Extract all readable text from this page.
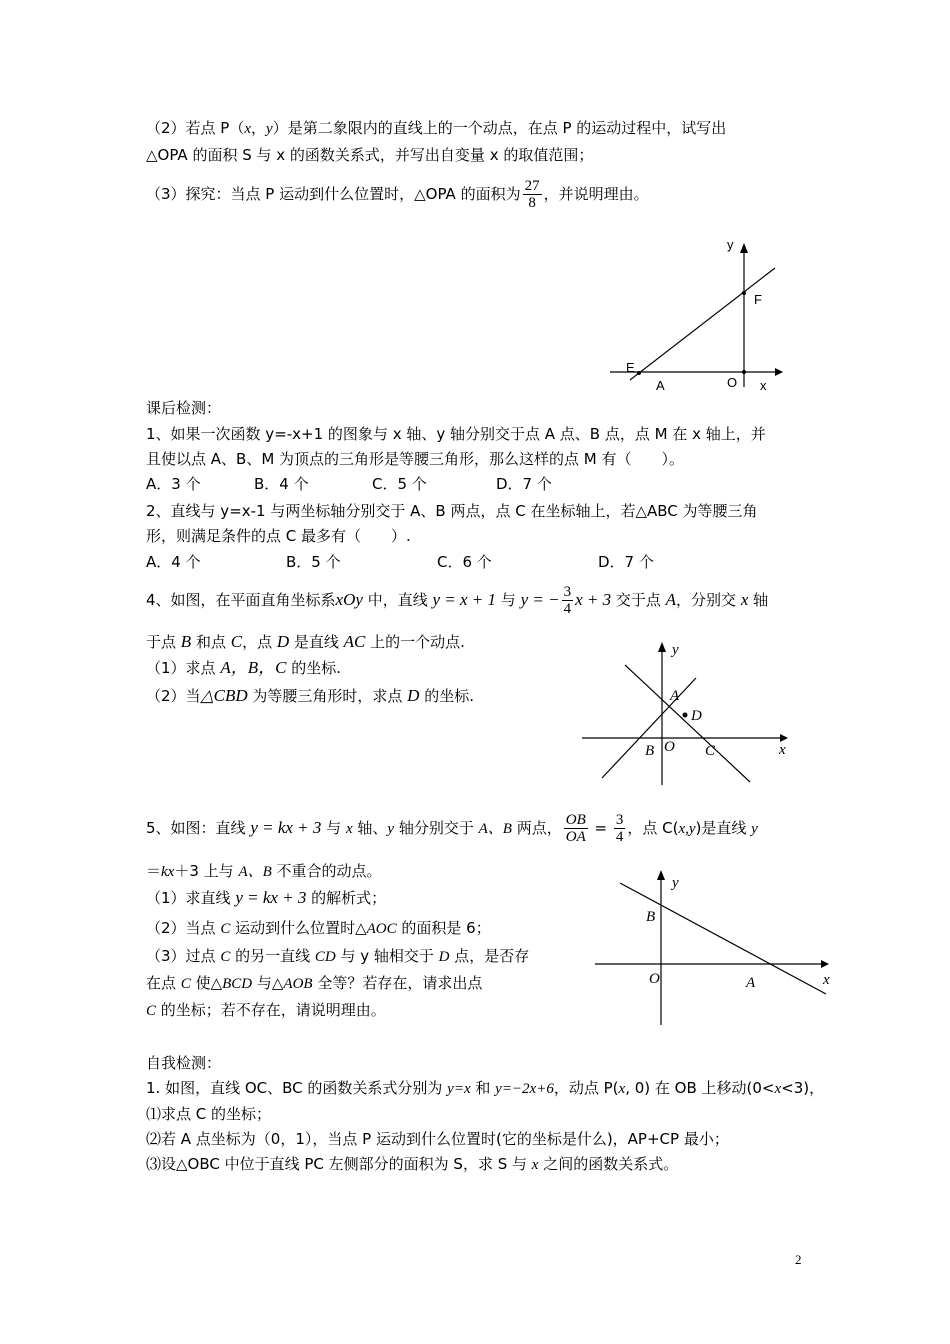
（2）若点 P（x，y）是第二象限内的直线上的一个动点，在点 P 的运动过程中，试写出
△OPA 的面积 S 与 x 的函数关系式，并写出自变量 x 的取值范围；
（3）探究：当点 P 运动到什么位置时，△OPA 的面积为 $\frac{27}{8}$ ，并说明理由。
y
F
E
A	O x
课后检测：
1、如果一次函数 y=-x+1 的图象与 x 轴、y 轴分别交于点 A 点、B 点，点 M 在 x 轴上，并
且使以点 A、B、M 为顶点的三角形是等腰三角形，那么这样的点 M 有（　　）。
A．3 个	B．4 个	C．5 个	D．7 个
2、直线与 y=x-1 与两坐标轴分别交于 A、B 两点，点 C 在坐标轴上，若△ABC 为等腰三角
形，则满足条件的点 C 最多有（　　）.
A．4 个	B．5 个	C．6 个	D．7 个
4、如图，在平面直角坐标系xOy 中，直线 y = x + 1 与 y = − $\frac{3}{4}$ x + 3 交于点 A，分别交 x 轴
于点 B 和点 C，点 D 是直线 AC 上的一个动点.
（1）求点 A，B，C 的坐标.
（2）当△CBD 为等腰三角形时，求点 D 的坐标.
y
A
D
B O C	x
5、如图：直线 y = kx + 3 与 x 轴、y 轴分别交于 A、B 两点， $\frac{OB}{OA} = \frac{3}{4}$ ，点 C(x,y)是直线 y
＝kx＋3 上与 A、B 不重合的动点。
（1）求直线 y = kx + 3 的解析式；
（2）当点 C 运动到什么位置时△AOC 的面积是 6；
（3）过点 C 的另一直线 CD 与 y 轴相交于 D 点，是否存
在点 C 使△BCD 与△AOB 全等？若存在，请求出点
C 的坐标；若不存在，请说明理由。
y
B
O	A	x
自我检测：
1. 如图，直线 OC、BC 的函数关系式分别为 y=x 和 y=−2x+6，动点 P(x, 0) 在 OB 上移动(0<x<3)，
⑴求点 C 的坐标；
⑵若 A 点坐标为（0，1），当点 P 运动到什么位置时(它的坐标是什么)，AP+CP 最小；
⑶设△OBC 中位于直线 PC 左侧部分的面积为 S，求 S 与 x 之间的函数关系式。
2
